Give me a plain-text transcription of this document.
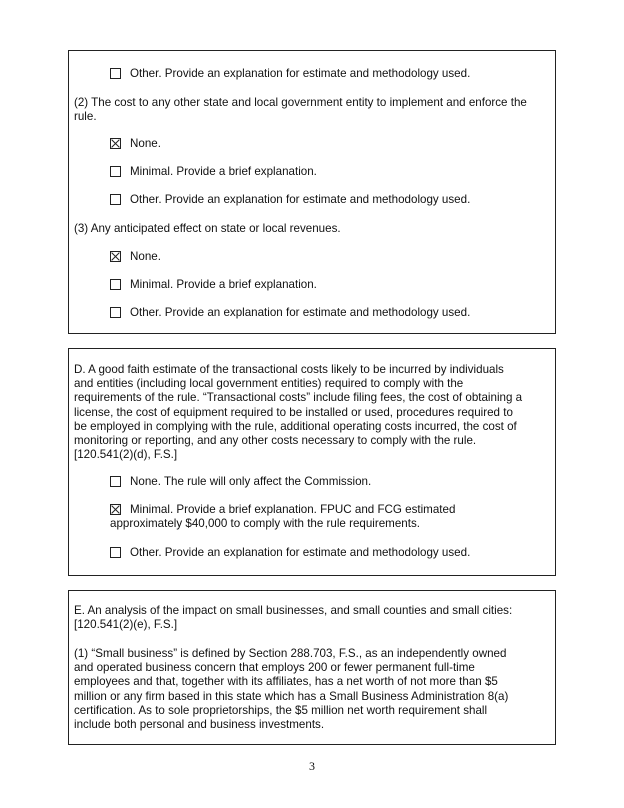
Other. Provide an explanation for estimate and methodology used.

(2) The cost to any other state and local government entity to implement and enforce the rule.

None.
Minimal. Provide a brief explanation.
Other. Provide an explanation for estimate and methodology used.

(3) Any anticipated effect on state or local revenues.

None.
Minimal. Provide a brief explanation.
Other. Provide an explanation for estimate and methodology used.
D. A good faith estimate of the transactional costs likely to be incurred by individuals
and entities (including local government entities) required to comply with the
requirements of the rule. “Transactional costs” include filing fees, the cost of obtaining a
license, the cost of equipment required to be installed or used, procedures required to
be employed in complying with the rule, additional operating costs incurred, the cost of
monitoring or reporting, and any other costs necessary to comply with the rule.
[120.541(2)(d), F.S.]
None. The rule will only affect the Commission.
Minimal. Provide a brief explanation. FPUC and FCG estimated
approximately $40,000 to comply with the rule requirements.
Other. Provide an explanation for estimate and methodology used.
E. An analysis of the impact on small businesses, and small counties and small cities:
[120.541(2)(e), F.S.]
(1) “Small business” is defined by Section 288.703, F.S., as an independently owned
and operated business concern that employs 200 or fewer permanent full-time
employees and that, together with its affiliates, has a net worth of not more than $5
million or any firm based in this state which has a Small Business Administration 8(a)
certification. As to sole proprietorships, the $5 million net worth requirement shall
include both personal and business investments.
3
